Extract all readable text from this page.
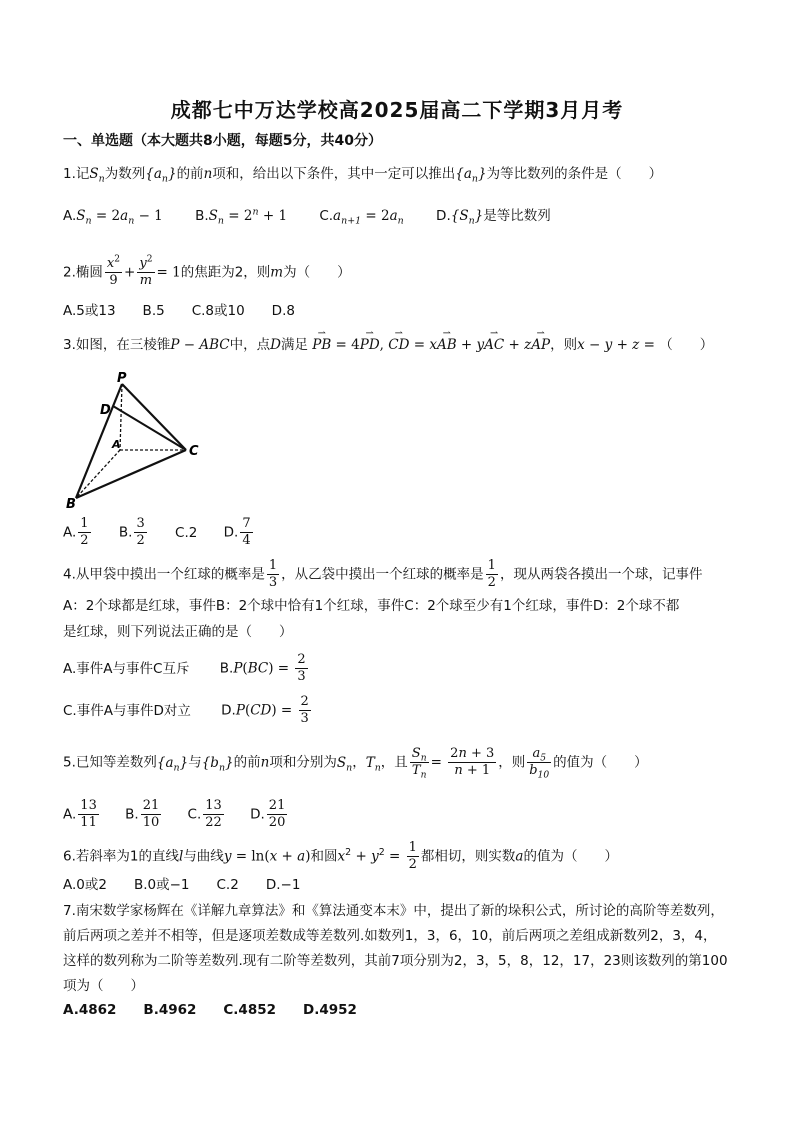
成都七中万达学校高2025届高二下学期3月月考
一、单选题（本大题共8小题，每题5分，共40分）
1.记$S_n$为数列$\{a_n\}$的前n项和，给出以下条件，其中一定可以推出$\{a_n\}$为等比数列的条件是（　　）
$A.S_n = 2a_n - 1$ $B.S_n = 2^n + 1$ $C.a_{n+1} = 2a_n$ $D.\{S_n\}$是等比数列
2.椭圆 $\frac{x^2}{9} + \frac{y^2}{m} = 1$的焦距为2，则m为（　　）
A.5或13　　B.5　　C.8或10　　D.8
3.如图，在三棱锥P − ABC中，点D满足 ⇀ PB = 4⇀ PD, ⇀ CD = x⇀ AB + y⇀ AC + z⇀ AP，则x − y + z = （　　）
P
D
A	C
B
A. $\frac{1}{2} B$. $\frac{3}{2} C.2$ D. $\frac{7}{4}$
4.从甲袋中摸出一个红球的概率是 $\frac{1}{3}$ ，从乙袋中摸出一个红球的概率是 $\frac{1}{2}$ ，现从两袋各摸出一个球，记事件
A：2个球都是红球，事件B：2个球中恰有1个红球，事件C：2个球至少有1个红球，事件D：2个球不都
是红球，则下列说法正确的是（　　）
A.事件A与事件C互斥 $B.P(BC) = \frac{2}{3}$
C.事件A与事件D对立 $D.P(CD) = \frac{2}{3}$
5.已知等差数列$\{a_n\}$与$\{b_n\}$的前n项和分别为$S_n$，$T_n$，且 $\frac{S_n}{T_n} = \frac{2n + 3}{n + 1}$ ，则 $\frac{a_5}{b_{10}}$ 的值为（　　）
A. $\frac{13}{11} B$. $\frac{21}{10} C$. $\frac{13}{22} D$. $\frac{21}{20}$
6.若斜率为1的直线l与曲线y = ln(x + a)和圆$x^2 + y^2 = \frac{1}{2}$ 都相切，则实数a的值为（　　）
A.0或2　　B.0或−1　　C.2　　D.−1
7.南宋数学家杨辉在《详解九章算法》和《算法通变本末》中，提出了新的垛积公式，所讨论的高阶等差数列，
前后两项之差并不相等，但是逐项差数成等差数列.如数列1，3，6，10，前后两项之差组成新数列2，3，4，
这样的数列称为二阶等差数列.现有二阶等差数列，其前7项分别为2，3，5，8，12，17，23则该数列的第100
项为（　　）
A.4862　　B.4962　　C.4852　　D.4952
